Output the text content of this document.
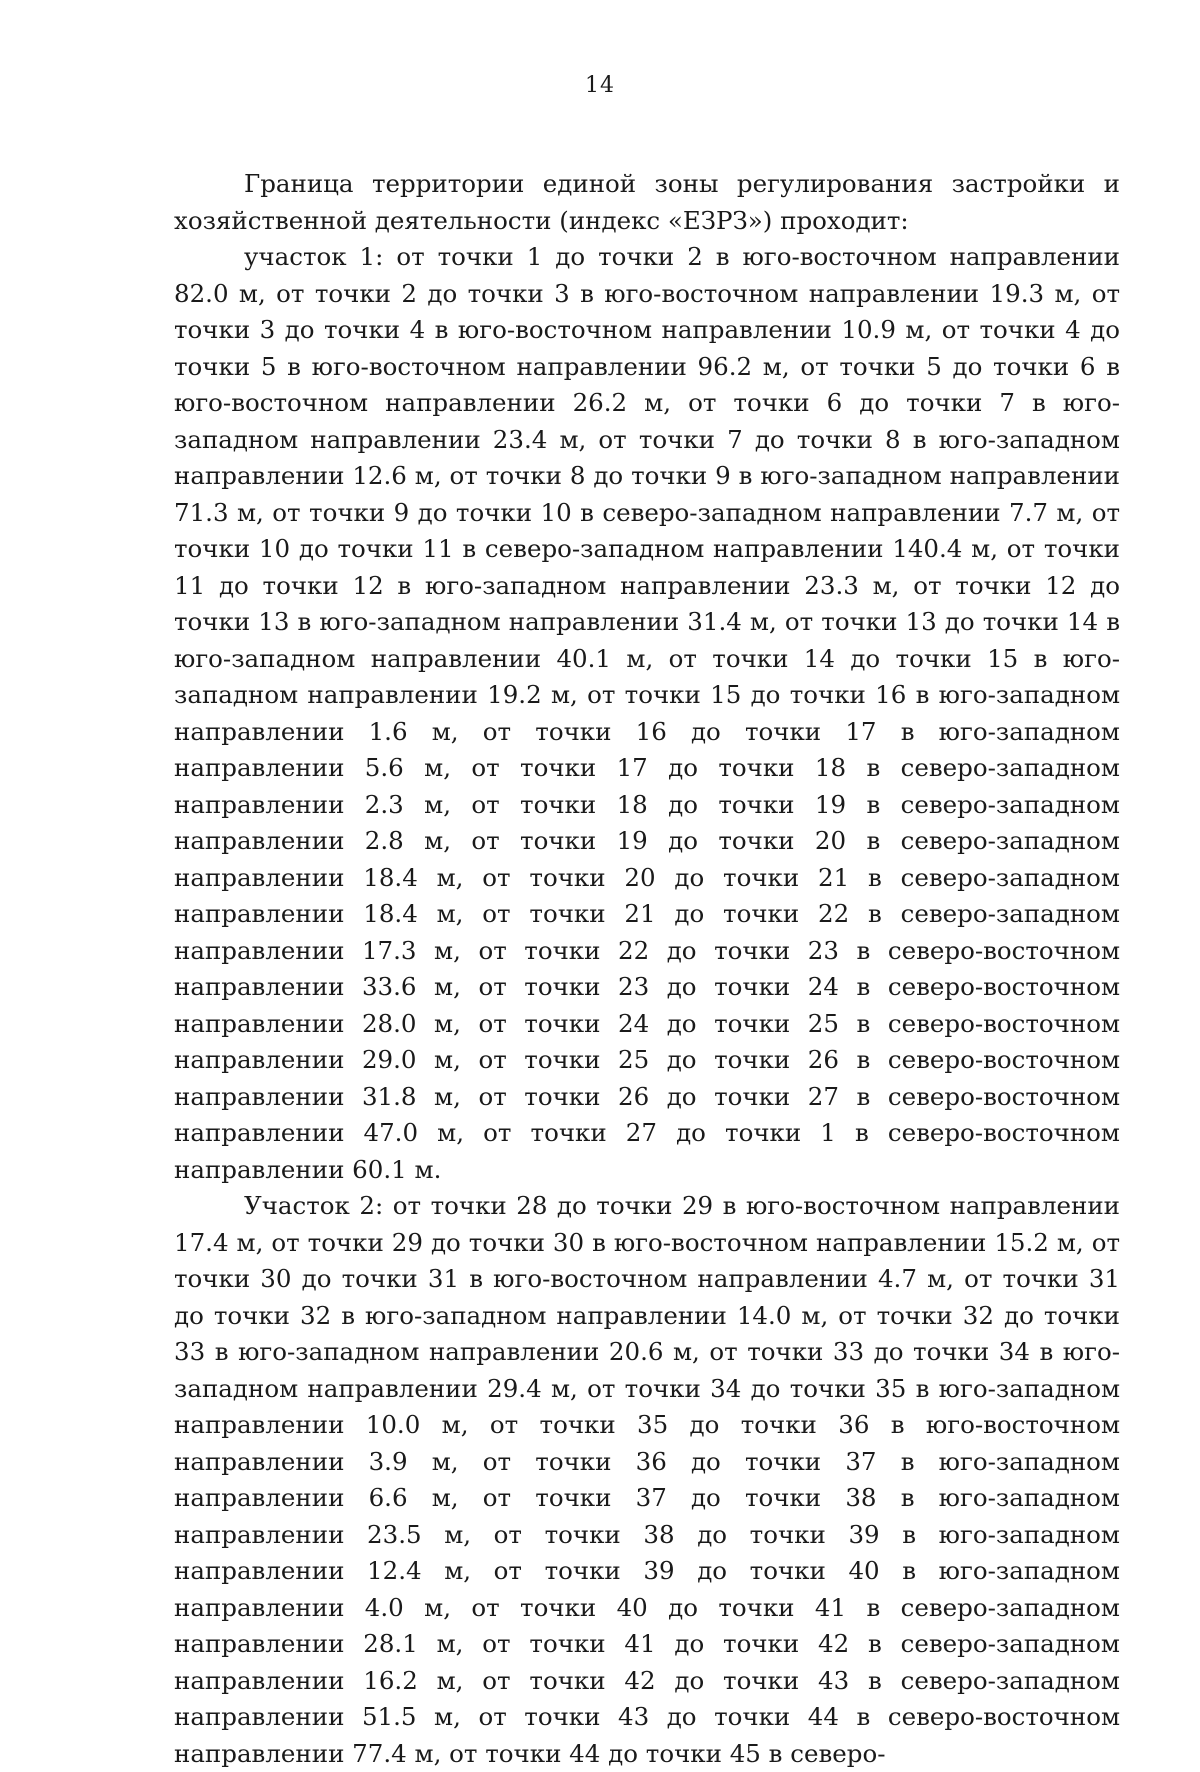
14

Граница территории единой зоны регулирования застройки и хозяйственной деятельности (индекс «ЕЗРЗ») проходит:

участок 1: от точки 1 до точки 2 в юго-восточном направлении 82.0 м, от точки 2 до точки 3 в юго-восточном направлении 19.3 м, от точки 3 до точки 4 в юго-восточном направлении 10.9 м, от точки 4 до точки 5 в юго-восточном направлении 96.2 м, от точки 5 до точки 6 в юго-восточном направлении 26.2 м, от точки 6 до точки 7 в юго-западном направлении 23.4 м, от точки 7 до точки 8 в юго-западном направлении 12.6 м, от точки 8 до точки 9 в юго-западном направлении 71.3 м, от точки 9 до точки 10 в северо-западном направлении 7.7 м, от точки 10 до точки 11 в северо-западном направлении 140.4 м, от точки 11 до точки 12 в юго-западном направлении 23.3 м, от точки 12 до точки 13 в юго-западном направлении 31.4 м, от точки 13 до точки 14 в юго-западном направлении 40.1 м, от точки 14 до точки 15 в юго-западном направлении 19.2 м, от точки 15 до точки 16 в юго-западном направлении 1.6 м, от точки 16 до точки 17 в юго-западном направлении 5.6 м, от точки 17 до точки 18 в северо-западном направлении 2.3 м, от точки 18 до точки 19 в северо-западном направлении 2.8 м, от точки 19 до точки 20 в северо-западном направлении 18.4 м, от точки 20 до точки 21 в северо-западном направлении 18.4 м, от точки 21 до точки 22 в северо-западном направлении 17.3 м, от точки 22 до точки 23 в северо-восточном направлении 33.6 м, от точки 23 до точки 24 в северо-восточном направлении 28.0 м, от точки 24 до точки 25 в северо-восточном направлении 29.0 м, от точки 25 до точки 26 в северо-восточном направлении 31.8 м, от точки 26 до точки 27 в северо-восточном направлении 47.0 м, от точки 27 до точки 1 в северо-восточном направлении 60.1 м.

Участок 2: от точки 28 до точки 29 в юго-восточном направлении 17.4 м, от точки 29 до точки 30 в юго-восточном направлении 15.2 м, от точки 30 до точки 31 в юго-восточном направлении 4.7 м, от точки 31 до точки 32 в юго-западном направлении 14.0 м, от точки 32 до точки 33 в юго-западном направлении 20.6 м, от точки 33 до точки 34 в юго-западном направлении 29.4 м, от точки 34 до точки 35 в юго-западном направлении 10.0 м, от точки 35 до точки 36 в юго-восточном направлении 3.9 м, от точки 36 до точки 37 в юго-западном направлении 6.6 м, от точки 37 до точки 38 в юго-западном направлении 23.5 м, от точки 38 до точки 39 в юго-западном направлении 12.4 м, от точки 39 до точки 40 в юго-западном направлении 4.0 м, от точки 40 до точки 41 в северо-западном направлении 28.1 м, от точки 41 до точки 42 в северо-западном направлении 16.2 м, от точки 42 до точки 43 в северо-западном направлении 51.5 м, от точки 43 до точки 44 в северо-восточном направлении 77.4 м, от точки 44 до точки 45 в северо-
